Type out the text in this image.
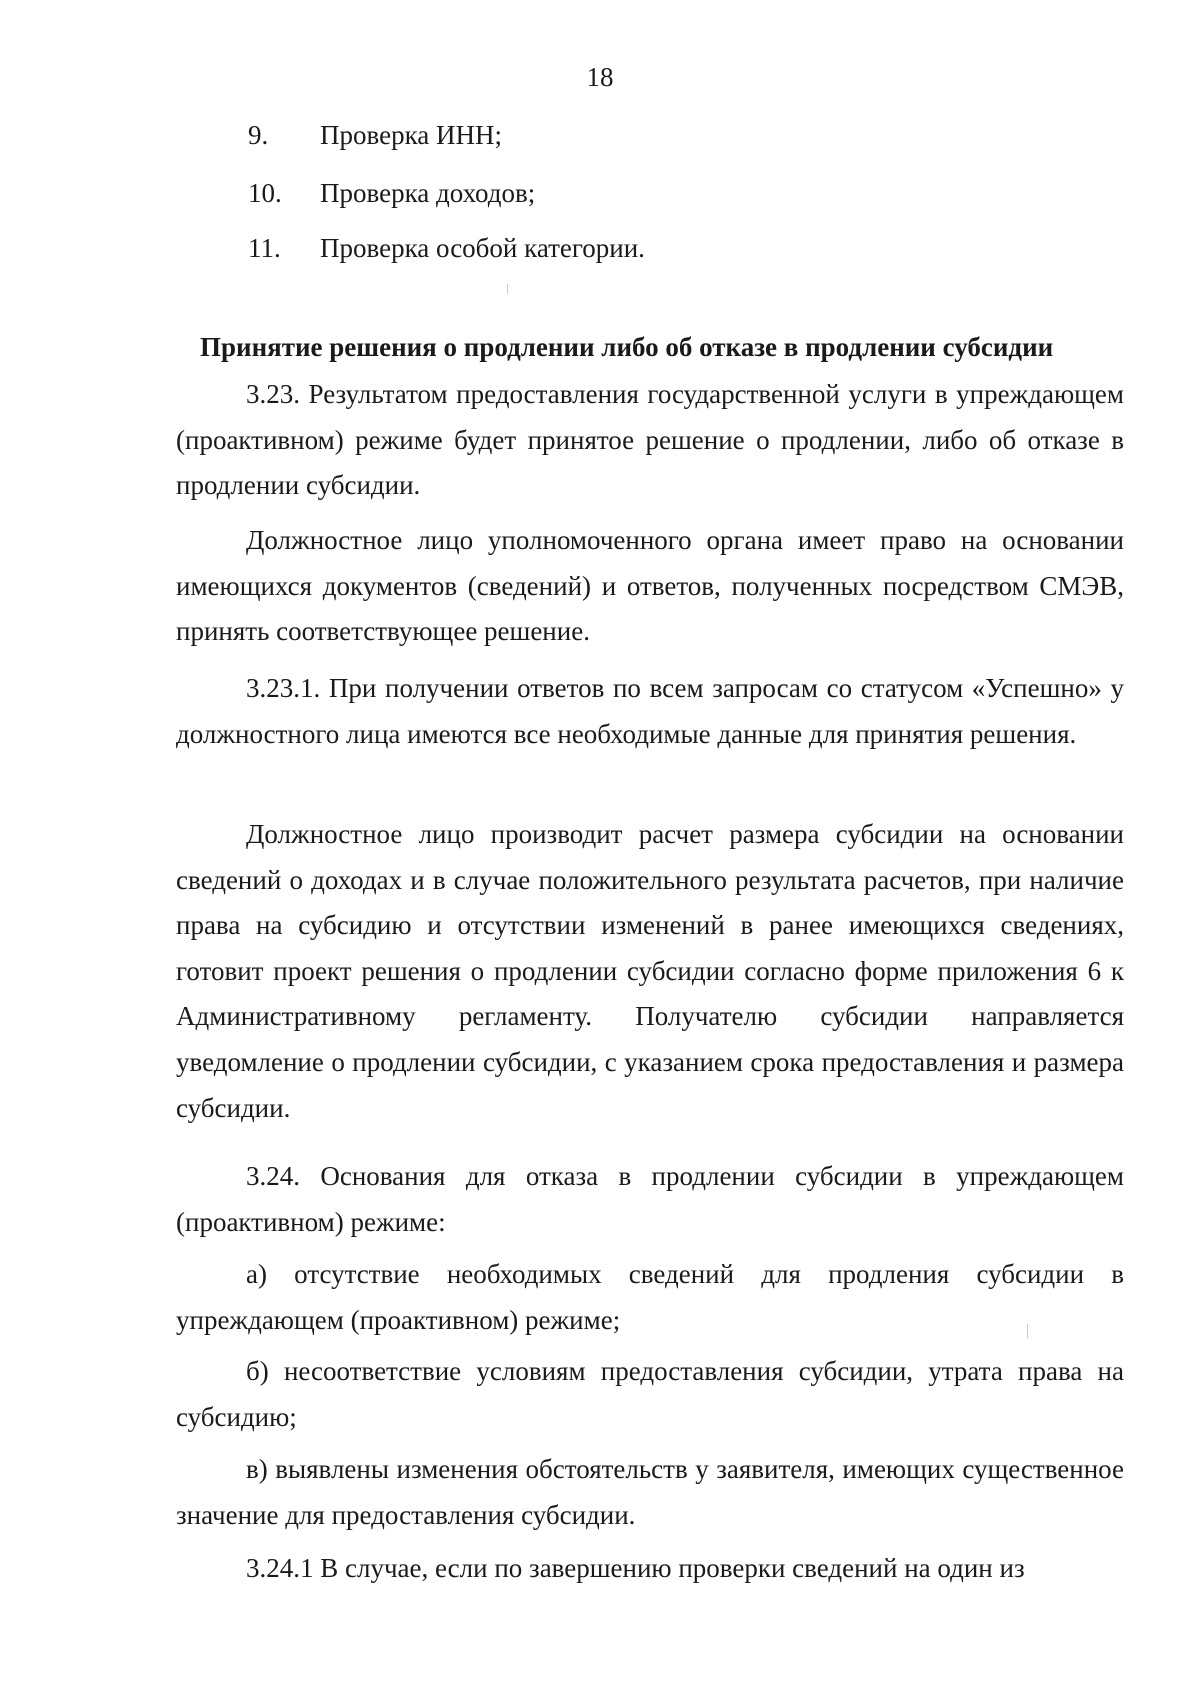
18
9. Проверка ИНН;
10. Проверка доходов;
11. Проверка особой категории.
Принятие решения о продлении либо об отказе в продлении субсидии

3.23. Результатом предоставления государственной услуги в упреждающем (проактивном) режиме будет принятое решение о продлении, либо об отказе в продлении субсидии.

Должностное лицо уполномоченного органа имеет право на основании имеющихся документов (сведений) и ответов, полученных посредством СМЭВ, принять соответствующее решение.

3.23.1. При получении ответов по всем запросам со статусом «Успешно» у должностного лица имеются все необходимые данные для принятия решения.

Должностное лицо производит расчет размера субсидии на основании сведений о доходах и в случае положительного результата расчетов, при наличие права на субсидию и отсутствии изменений в ранее имеющихся сведениях, готовит проект решения о продлении субсидии согласно форме приложения 6 к Административному регламенту. Получателю субсидии направляется уведомление о продлении субсидии, с указанием срока предоставления и размера субсидии.

3.24. Основания для отказа в продлении субсидии в упреждающем (проактивном) режиме:

а) отсутствие необходимых сведений для продления субсидии в упреждающем (проактивном) режиме;

б) несоответствие условиям предоставления субсидии, утрата права на субсидию;

в) выявлены изменения обстоятельств у заявителя, имеющих существенное значение для предоставления субсидии.

3.24.1 В случае, если по завершению проверки сведений на один из
